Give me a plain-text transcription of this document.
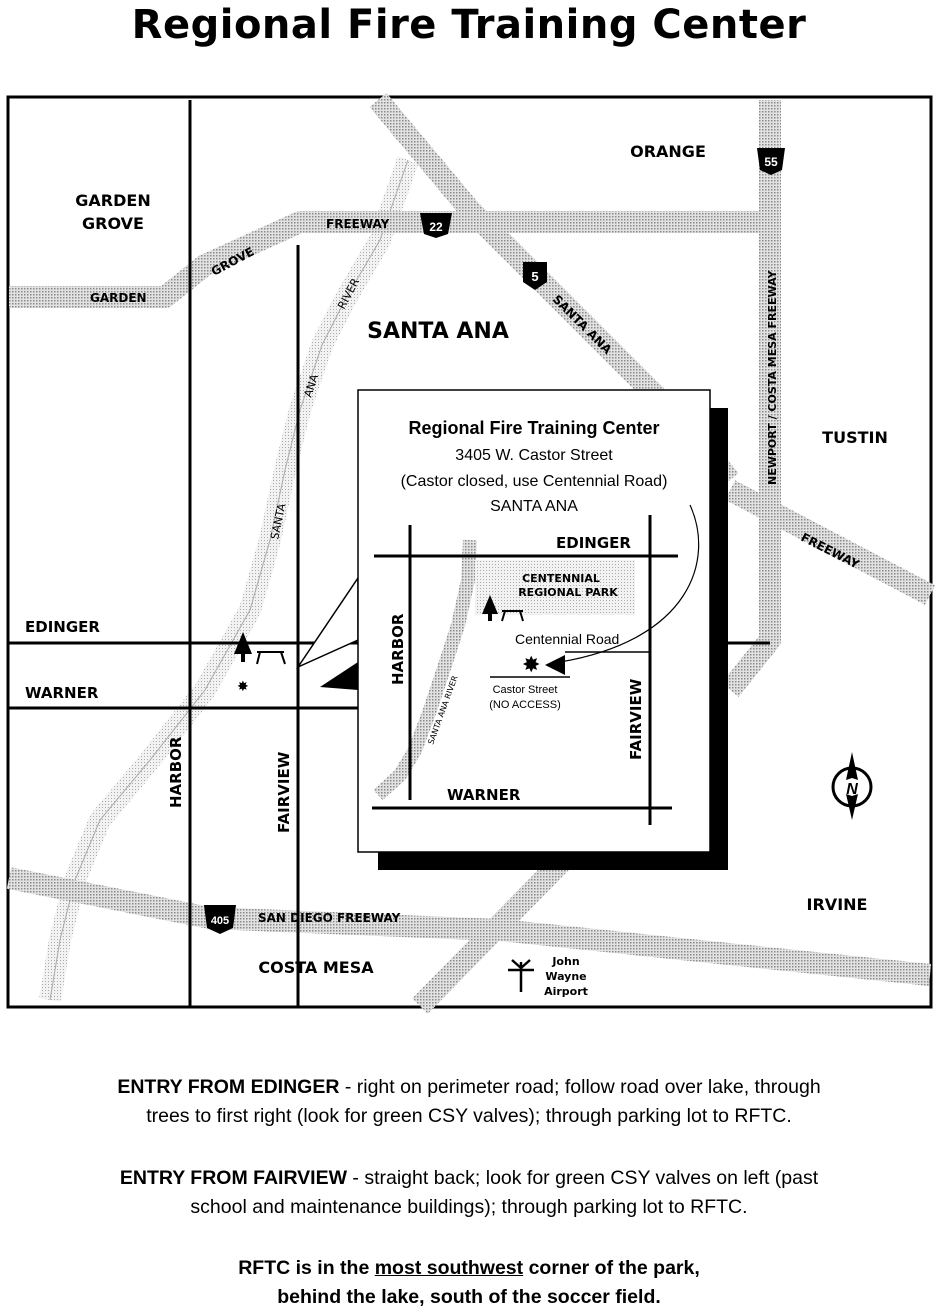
Regional Fire Training Center
22
5
55
405
GARDEN
GROVE
FREEWAY
SANTA ANA	NEWPORT / COSTA MESA FREEWAY
FREEWAY
SAN DIEGO FREEWAY
GARDEN
GROVE
ORANGE
SANTA ANA
TUSTIN
IRVINE
COSTA MESA
EDINGER
WARNER
HARBOR	FAIRVIEW
RIVER
ANA
SANTA
✸
John
Wayne
Airport
N
Regional Fire Training Center
3405 W. Castor Street
(Castor closed, use Centennial Road)
SANTA ANA
EDINGER
HARBOR
WARNER
FAIRVIEW
CENTENNIAL
REGIONAL PARK
Centennial Road
Castor Street
(NO ACCESS)
SANTA ANA RIVER
✸
ENTRY FROM EDINGER - right on perimeter road; follow road over lake, through
trees to first right (look for green CSY valves); through parking lot to RFTC.
ENTRY FROM FAIRVIEW - straight back; look for green CSY valves on left (past
school and maintenance buildings); through parking lot to RFTC.
RFTC is in the most southwest corner of the park,
behind the lake, south of the soccer field.
